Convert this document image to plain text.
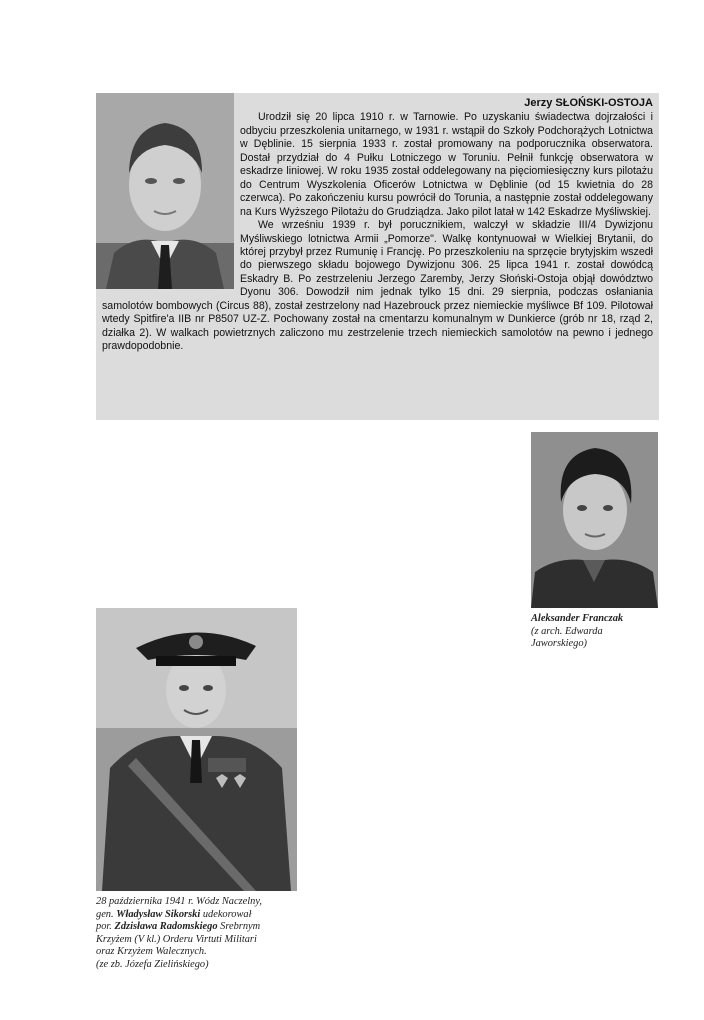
Jerzy SŁOŃSKI-OSTOJA

Urodził się 20 lipca 1910 r. w Tarnowie. Po uzyskaniu świadectwa dojrzałości i odbyciu przeszkolenia unitarnego, w 1931 r. wstąpił do Szkoły Podchorążych Lotnictwa w Dęblinie. 15 sierpnia 1933 r. został promowany na podporucznika obserwatora. Dostał przydział do 4 Pułku Lotniczego w Toruniu. Pełnił funkcję obserwatora w eskadrze liniowej. W roku 1935 został oddelegowany na pięciomiesięczny kurs pilotażu do Centrum Wyszkolenia Oficerów Lotnictwa w Dęblinie (od 15 kwietnia do 28 czerwca). Po zakończeniu kursu powrócił do Torunia, a następnie został oddelegowany na Kurs Wyższego Pilotażu do Grudziądza. Jako pilot latał w 142 Eskadrze Myśliwskiej.

We wrześniu 1939 r. był porucznikiem, walczył w składzie III/4 Dywizjonu Myśliwskiego lotnictwa Armii „Pomorze". Walkę kontynuował w Wielkiej Brytanii, do której przybył przez Rumunię i Francję. Po przeszkoleniu na sprzęcie brytyjskim wszedł do pierwszego składu bojowego Dywizjonu 306. 25 lipca 1941 r. został dowódcą Eskadry B. Po zestrzeleniu Jerzego Zaremby, Jerzy Słoński-Ostoja objął dowództwo Dyonu 306. Dowodził nim jednak tylko 15 dni. 29 sierpnia, podczas osłaniania samolotów bombowych (Circus 88), został zestrzelony nad Hazebrouck przez niemieckie myśliwce Bf 109. Pilotował wtedy Spitfire'a IIB nr P8507 UZ-Z. Pochowany został na cmentarzu komunalnym w Dunkierce (grób nr 18, rząd 2, działka 2). W walkach powietrznych zaliczono mu zestrzelenie trzech niemieckich samolotów na pewno i jednego prawdopodobnie.

Aleksander Franczak
(z arch. Edwarda
Jaworskiego)
28 października 1941 r. Wódz Naczelny,
gen. Władysław Sikorski udekorował
por. Zdzisława Radomskiego Srebrnym
Krzyżem (V kl.) Orderu Virtuti Militari
oraz Krzyżem Walecznych.
(ze zb. Józefa Zielińskiego)
